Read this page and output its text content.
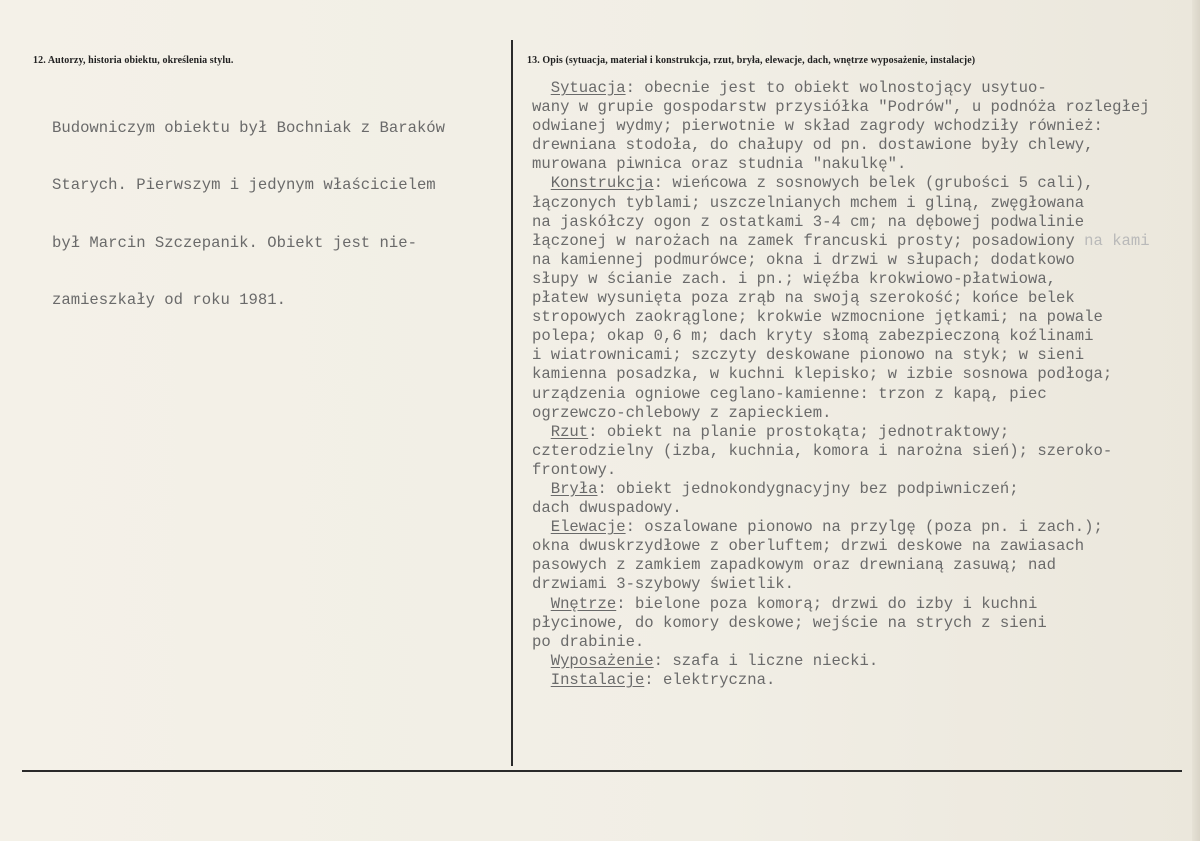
12. Autorzy, historia obiektu, określenia stylu.	13. Opis (sytuacja, materiał i konstrukcja, rzut, bryła, elewacje, dach, wnętrze wyposażenie, instalacje)

Budowniczym obiektu był Bochniak z Baraków

Starych. Pierwszym i jedynym właścicielem

był Marcin Szczepanik. Obiekt jest nie-

zamieszkały od roku 1981.

Sytuacja: obecnie jest to obiekt wolnostojący usytuo-
wany w grupie gospodarstw przysiółka "Podrów", u podnóża rozległej
odwianej wydmy; pierwotnie w skład zagrody wchodziły również:
drewniana stodoła, do chałupy od pn. dostawione były chlewy,
murowana piwnica oraz studnia "nakulkę".
Konstrukcja: wieńcowa z sosnowych belek (grubości 5 cali),
łączonych tyblami; uszczelnianych mchem i gliną, zwęgłowana
na jaskółczy ogon z ostatkami 3-4 cm; na dębowej podwalinie
łączonej w narożach na zamek francuski prosty; posadowiony na kami
na kamiennej podmurówce; okna i drzwi w słupach; dodatkowo
słupy w ścianie zach. i pn.; więźba krokwiowo-płatwiowa,
płatew wysunięta poza zrąb na swoją szerokość; końce belek
stropowych zaokrąglone; krokwie wzmocnione jętkami; na powale
polepa; okap 0,6 m; dach kryty słomą zabezpieczoną koźlinami
i wiatrownicami; szczyty deskowane pionowo na styk; w sieni
kamienna posadzka, w kuchni klepisko; w izbie sosnowa podłoga;
urządzenia ogniowe ceglano-kamienne: trzon z kapą, piec
ogrzewczo-chlebowy z zapieckiem.
Rzut: obiekt na planie prostokąta; jednotraktowy;
czterodzielny (izba, kuchnia, komora i narożna sień); szeroko-
frontowy.
Bryła: obiekt jednokondygnacyjny bez podpiwniczeń;
dach dwuspadowy.
Elewacje: oszalowane pionowo na przylgę (poza pn. i zach.);
okna dwuskrzydłowe z oberluftem; drzwi deskowe na zawiasach
pasowych z zamkiem zapadkowym oraz drewnianą zasuwą; nad
drzwiami 3-szybowy świetlik.
Wnętrze: bielone poza komorą; drzwi do izby i kuchni
płycinowe, do komory deskowe; wejście na strych z sieni
po drabinie.
Wyposażenie: szafa i liczne niecki.
Instalacje: elektryczna.
